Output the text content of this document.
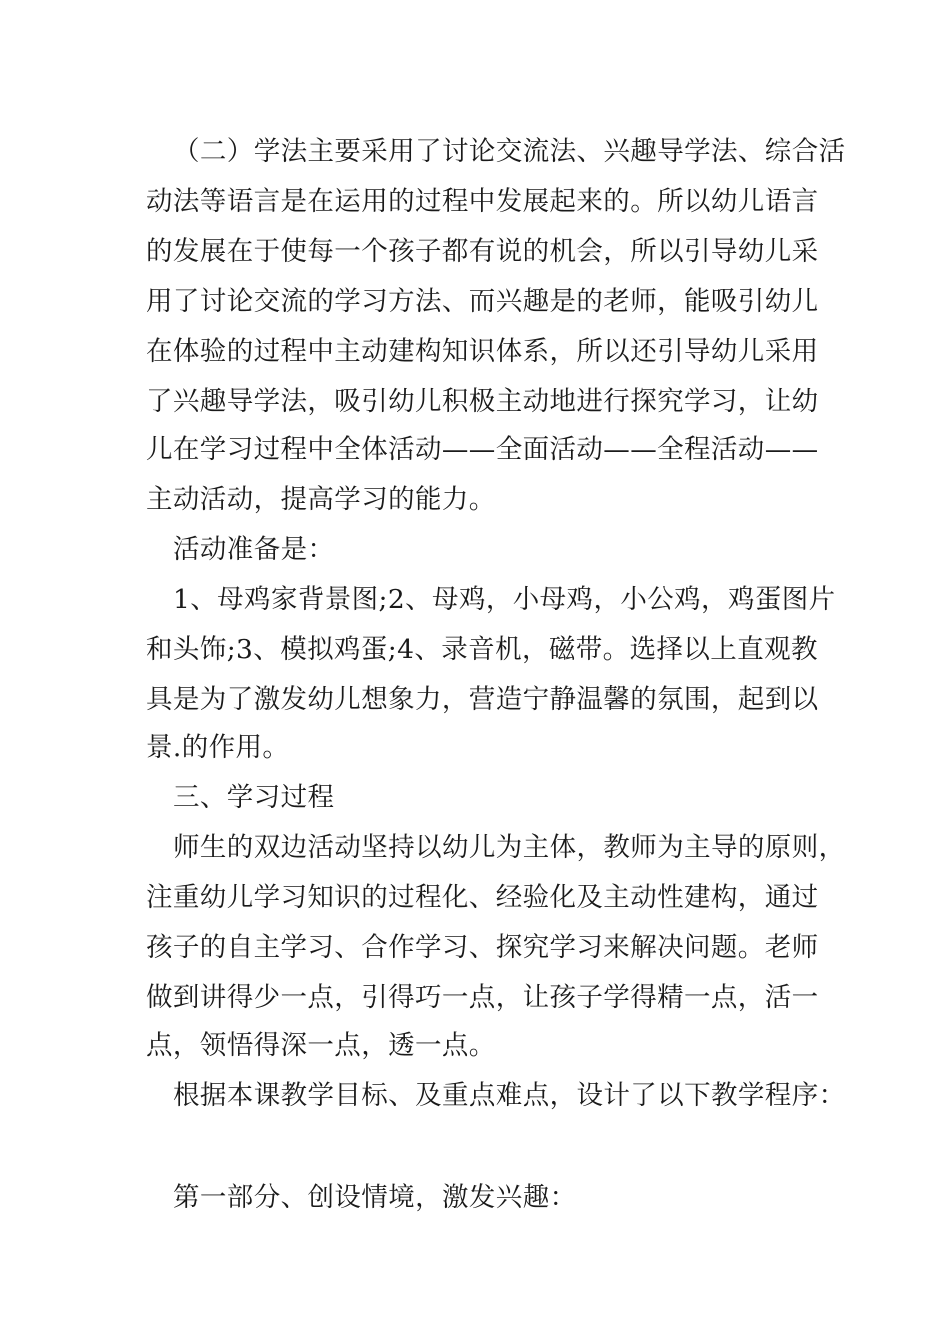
（二）学法主要采用了讨论交流法、兴趣导学法、综合活
动法等语言是在运用的过程中发展起来的。所以幼儿语言
的发展在于使每一个孩子都有说的机会，所以引导幼儿采
用了讨论交流的学习方法、而兴趣是的老师，能吸引幼儿
在体验的过程中主动建构知识体系，所以还引导幼儿采用
了兴趣导学法，吸引幼儿积极主动地进行探究学习，让幼
儿在学习过程中全体活动——全面活动——全程活动——
主动活动，提高学习的能力。
活动准备是：
1、母鸡家背景图;2、母鸡，小母鸡，小公鸡，鸡蛋图片
和头饰;3、模拟鸡蛋;4、录音机，磁带。选择以上直观教
具是为了激发幼儿想象力，营造宁静温馨的氛围，起到以
景.的作用。
三、学习过程
师生的双边活动坚持以幼儿为主体，教师为主导的原则，
注重幼儿学习知识的过程化、经验化及主动性建构，通过
孩子的自主学习、合作学习、探究学习来解决问题。老师
做到讲得少一点，引得巧一点，让孩子学得精一点，活一
点，领悟得深一点，透一点。
根据本课教学目标、及重点难点，设计了以下教学程序：
第一部分、创设情境，激发兴趣：
